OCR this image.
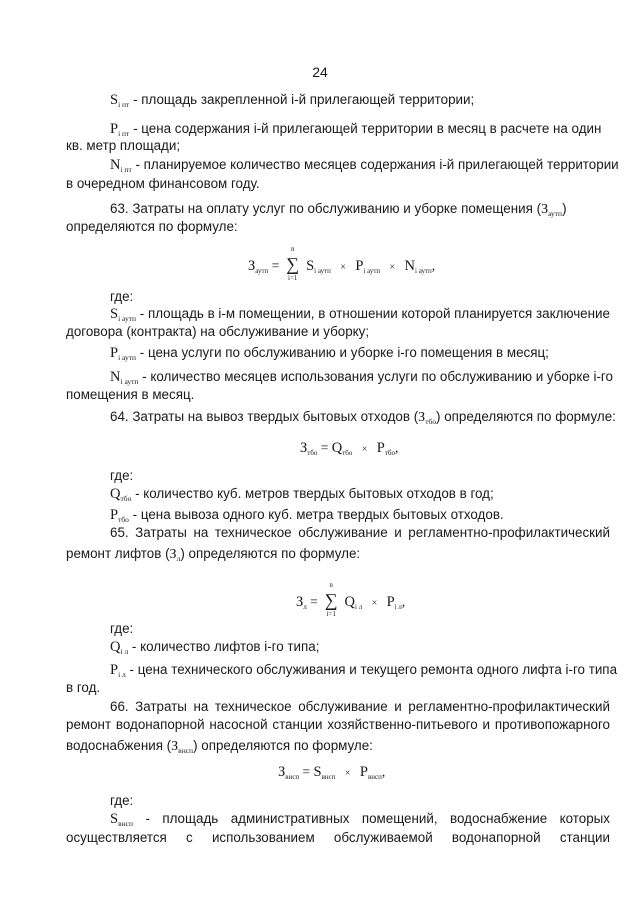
24
$S_{i пт}$ - площадь закрепленной i-й прилегающей территории;
$P_{i пт}$ - цена содержания i-й прилегающей территории в месяц в расчете на один
кв. метр площади;
$N_{i пт}$ - планируемое количество месяцев содержания i-й прилегающей территории
в очередном финансовом году.
63. Затраты на оплату услуг по обслуживанию и уборке помещения $(З_{аутп})$
определяются по формуле:
$З_{аутп}$ =
n
∑
i=1
$S_{i аутп} \times P_{i аутп} \times N_{i аутп}$,
где:
$S_{i аутп}$ - площадь в i-м помещении, в отношении которой планируется заключение
договора (контракта) на обслуживание и уборку;
$P_{i аутп}$ - цена услуги по обслуживанию и уборке i-го помещения в месяц;
$N_{i аутп}$ - количество месяцев использования услуги по обслуживанию и уборке i-го
помещения в месяц.
64. Затраты на вывоз твердых бытовых отходов $(З_{тбо})$ определяются по формуле:
$З_{тбо} = Q_{тбо} \times P_{тбо}$,
где:
$Q_{тбо}$ - количество куб. метров твердых бытовых отходов в год;
$P_{тбо}$ - цена вывоза одного куб. метра твердых бытовых отходов.
65. Затраты на техническое обслуживание и регламентно-профилактический
ремонт лифтов $(З_л)$ определяются по формуле:
$З_л$ =
n
∑
i=1
$Q_{i л} \times P_{i л}$,
где:
$Q_{i л}$ - количество лифтов i-го типа;
$P_{i л}$ - цена технического обслуживания и текущего ремонта одного лифта i-го типа
в год.
66. Затраты на техническое обслуживание и регламентно-профилактический
ремонт водонапорной насосной станции хозяйственно-питьевого и противопожарного
водоснабжения $(З_{внсп})$ определяются по формуле:
$З_{внсп} = S_{внсп} \times P_{внсп}$,
где:
$S_{внсп}$ - площадь административных помещений, водоснабжение которых
осуществляется с использованием обслуживаемой водонапорной станции
